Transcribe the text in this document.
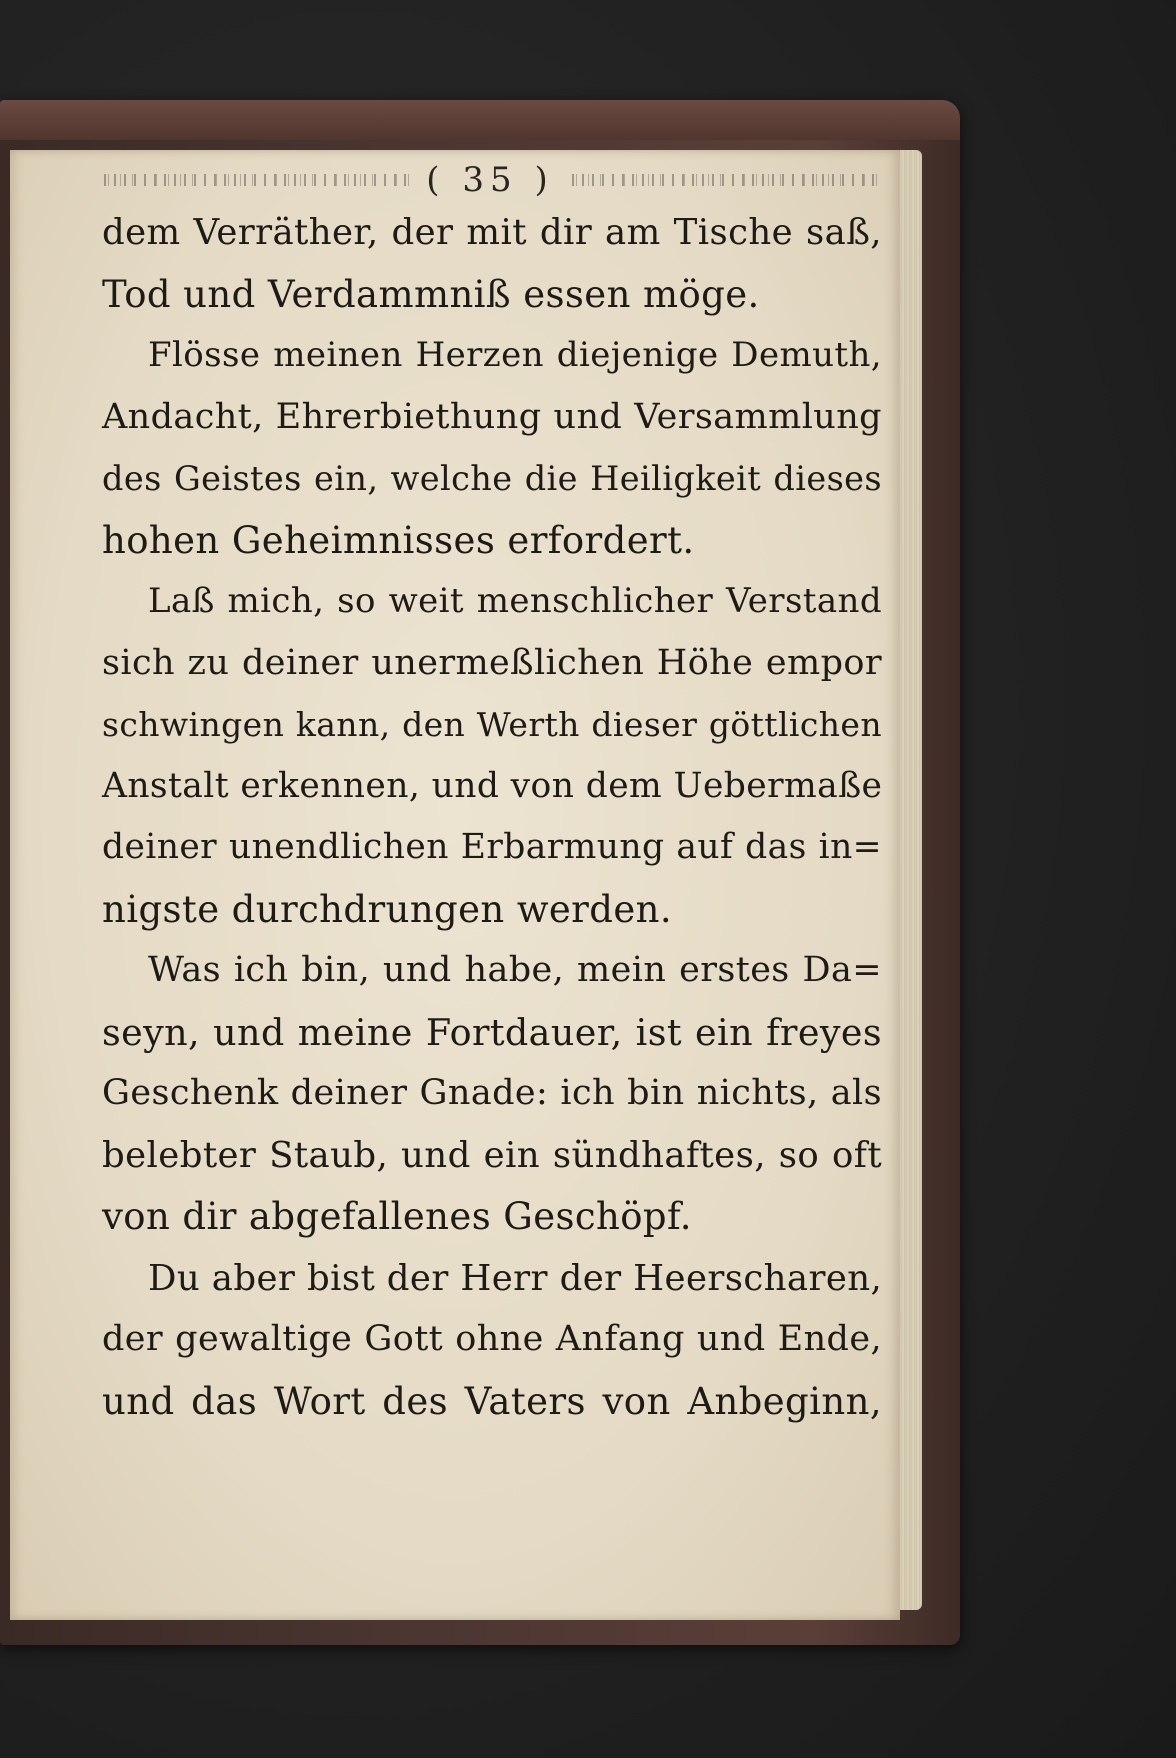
( 35 )
dem Verräther, der mit dir am Tische saß,
Tod und Verdammniß essen möge.
Flösse meinen Herzen diejenige Demuth,
Andacht, Ehrerbiethung und Versammlung
des Geistes ein, welche die Heiligkeit dieses
hohen Geheimnisses erfordert.
Laß mich, so weit menschlicher Verstand
sich zu deiner unermeßlichen Höhe empor
schwingen kann, den Werth dieser göttlichen
Anstalt erkennen, und von dem Uebermaße
deiner unendlichen Erbarmung auf das in=
nigste durchdrungen werden.
Was ich bin, und habe, mein erstes Da=
seyn, und meine Fortdauer, ist ein freyes
Geschenk deiner Gnade: ich bin nichts, als
belebter Staub, und ein sündhaftes, so oft
von dir abgefallenes Geschöpf.
Du aber bist der Herr der Heerscharen,
der gewaltige Gott ohne Anfang und Ende,
und das Wort des Vaters von Anbeginn,
